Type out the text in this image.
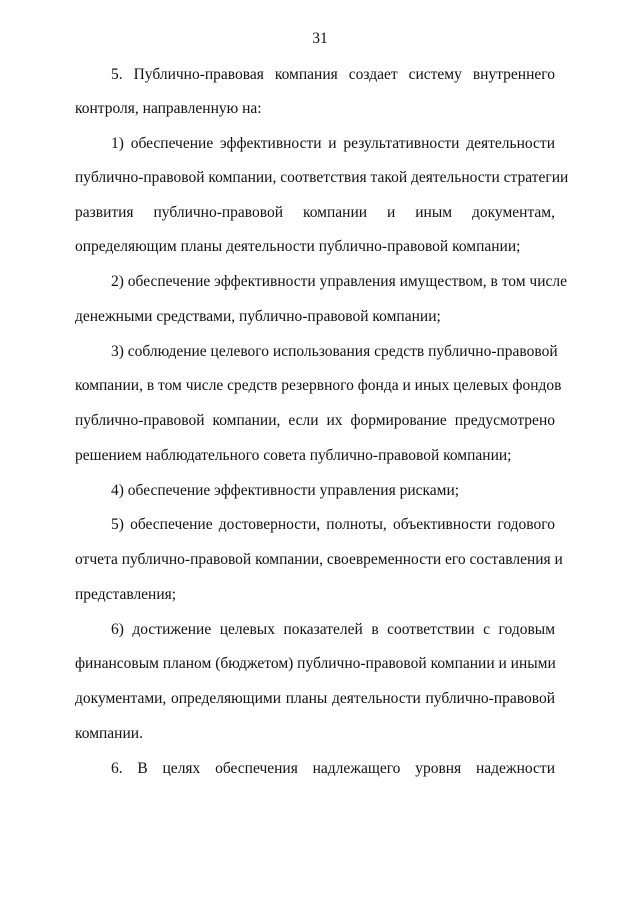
31
5. Публично-правовая компания создает систему внутреннего
контроля, направленную на:
1) обеспечение эффективности и результативности деятельности
публично-правовой компании, соответствия такой деятельности стратегии
развития публично-правовой компании и иным документам,
определяющим планы деятельности публично-правовой компании;
2) обеспечение эффективности управления имуществом, в том числе
денежными средствами, публично-правовой компании;
3) соблюдение целевого использования средств публично-правовой
компании, в том числе средств резервного фонда и иных целевых фондов
публично-правовой компании, если их формирование предусмотрено
решением наблюдательного совета публично-правовой компании;
4) обеспечение эффективности управления рисками;
5) обеспечение достоверности, полноты, объективности годового
отчета публично-правовой компании, своевременности его составления и
представления;
6) достижение целевых показателей в соответствии с годовым
финансовым планом (бюджетом) публично-правовой компании и иными
документами, определяющими планы деятельности публично-правовой
компании.
6. В целях обеспечения надлежащего уровня надежности
